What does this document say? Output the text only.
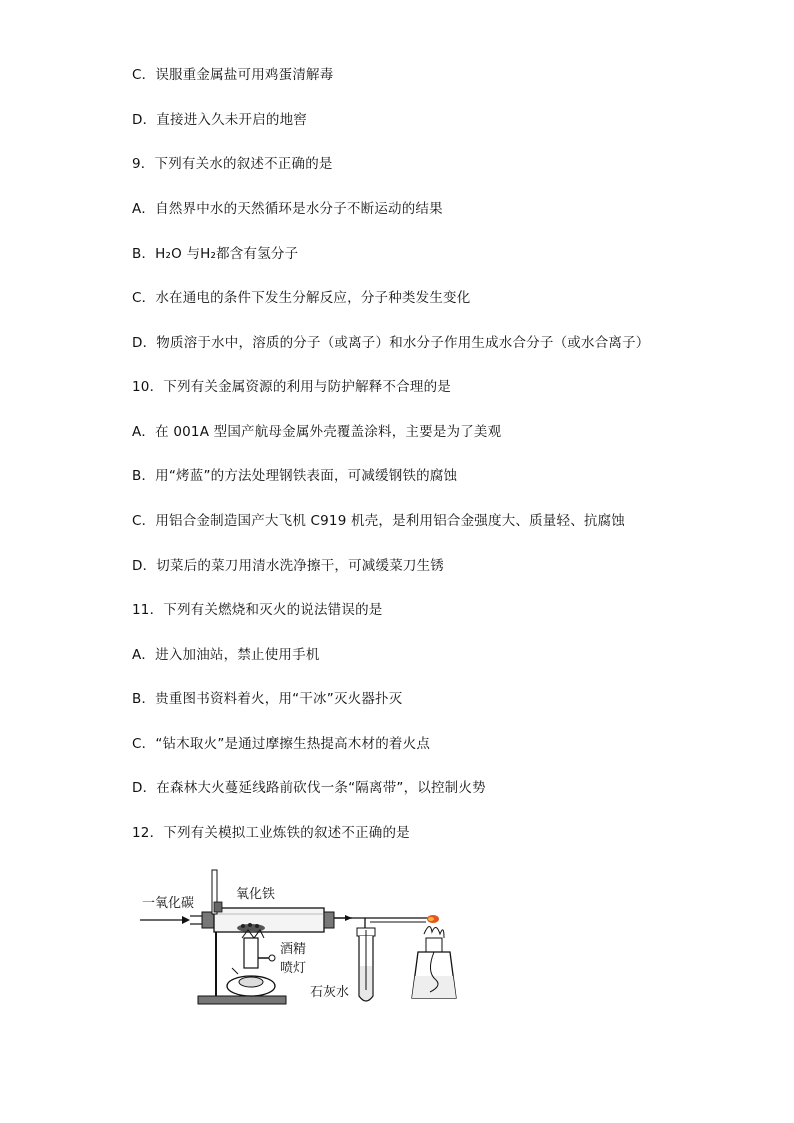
C．误服重金属盐可用鸡蛋清解毒
D．直接进入久未开启的地窖
9．下列有关水的叙述不正确的是
A．自然界中水的天然循环是水分子不断运动的结果
B．H₂O 与H₂都含有氢分子
C．水在通电的条件下发生分解反应，分子种类发生变化
D．物质溶于水中，溶质的分子（或离子）和水分子作用生成水合分子（或水合离子）
10．下列有关金属资源的利用与防护解释不合理的是
A．在 001A 型国产航母金属外壳覆盖涂料，主要是为了美观
B．用“烤蓝”的方法处理钢铁表面，可减缓钢铁的腐蚀
C．用铝合金制造国产大飞机 C919 机壳，是利用铝合金强度大、质量轻、抗腐蚀
D．切菜后的菜刀用清水洗净擦干，可减缓菜刀生锈
11．下列有关燃烧和灭火的说法错误的是
A．进入加油站，禁止使用手机
B．贵重图书资料着火，用“干冰”灭火器扑灭
C．“钻木取火”是通过摩擦生热提高木材的着火点
D．在森林大火蔓延线路前砍伐一条“隔离带”，以控制火势
12．下列有关模拟工业炼铁的叙述不正确的是
一氧化碳
氧化铁
酒精
喷灯
石灰水
